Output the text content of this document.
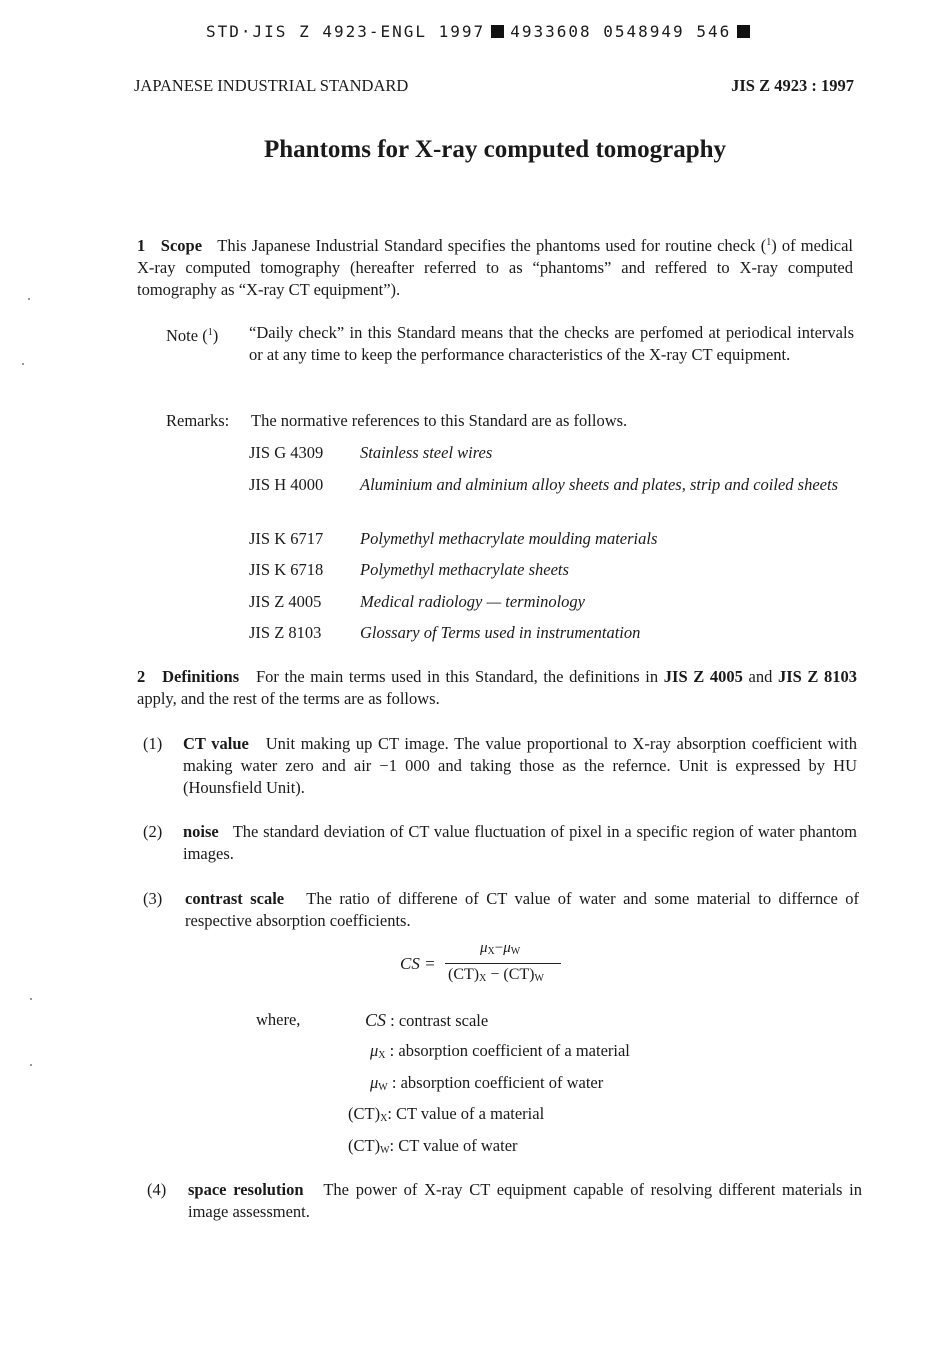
STD·JIS Z 4923-ENGL 1997 4933608 0548949 546
JAPANESE INDUSTRIAL STANDARD	JIS Z 4923 : 1997
Phantoms for X-ray computed tomography
1 Scope This Japanese Industrial Standard specifies the phantoms used for routine check ($^1$) of medical X-ray computed tomography (hereafter referred to as “phantoms” and reffered to X-ray computed tomography as “X-ray CT equipment”).
Note ($^1$) “Daily check” in this Standard means that the checks are perfomed at periodical intervals or at any time to keep the performance characteristics of the X-ray CT equipment.
Remarks: The normative references to this Standard are as follows.
JIS G 4309	Stainless steel wires
JIS H 4000	Aluminium and alminium alloy sheets and plates, strip and coiled sheets
JIS K 6717	Polymethyl methacrylate moulding materials
JIS K 6718	Polymethyl methacrylate sheets
JIS Z 4005	Medical radiology — terminology
JIS Z 8103	Glossary of Terms used in instrumentation
2 Definitions For the main terms used in this Standard, the definitions in JIS Z 4005 and JIS Z 8103 apply, and the rest of the terms are as follows.
(1) CT value Unit making up CT image. The value proportional to X-ray absorption coefficient with making water zero and air −1 000 and taking those as the refernce. Unit is expressed by HU (Hounsfield Unit).
(2) noise The standard deviation of CT value fluctuation of pixel in a specific region of water phantom images.
(3) contrast scale The ratio of differene of CT value of water and some material to differnce of respective absorption coefficients.
CS =
$\mu_X-\mu_W$
$(CT)_X - (CT)_W$
where,	CS : contrast scale
$\mu_X$ : absorption coefficient of a material
$\mu_W$ : absorption coefficient of water
$(CT)_X$: CT value of a material
$(CT)_W$: CT value of water
(4) space resolution The power of X-ray CT equipment capable of resolving different materials in image assessment.
